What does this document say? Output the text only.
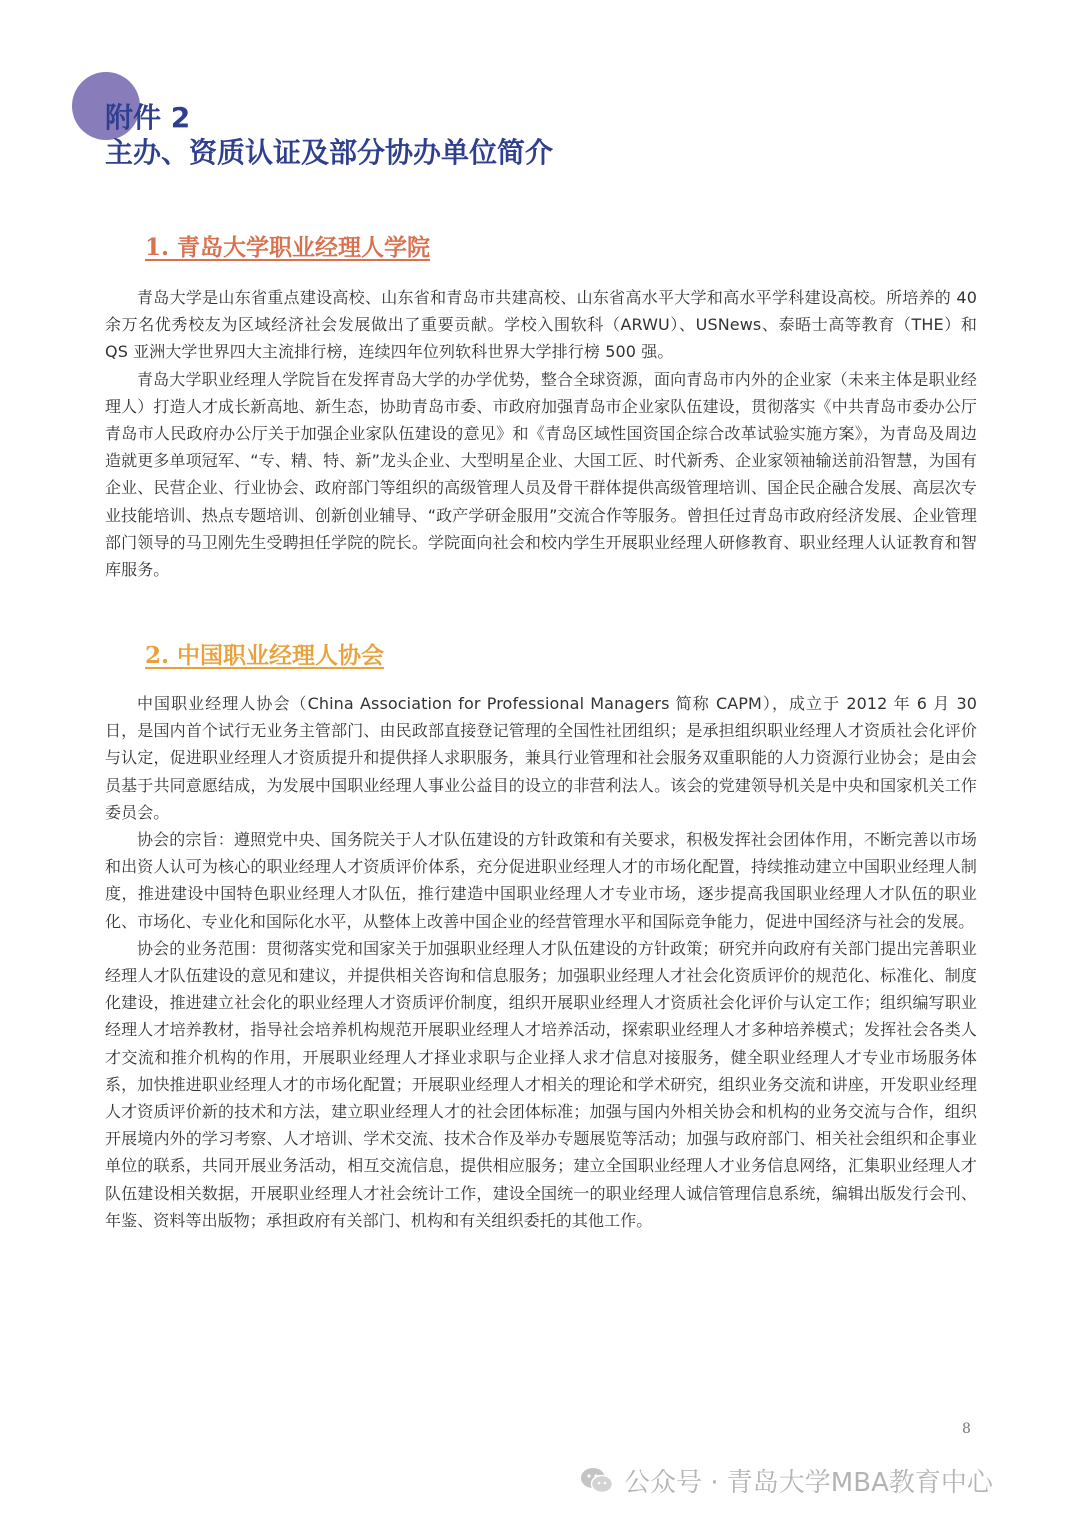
附件 2
主办、资质认证及部分协办单位简介
1. 青岛大学职业经理人学院

青岛大学是山东省重点建设高校、山东省和青岛市共建高校、山东省高水平大学和高水平学科建设高校。所培养的 40 余万名优秀校友为区域经济社会发展做出了重要贡献。学校入围软科（ARWU）、USNews、泰晤士高等教育（THE）和 QS 亚洲大学世界四大主流排行榜，连续四年位列软科世界大学排行榜 500 强。

青岛大学职业经理人学院旨在发挥青岛大学的办学优势，整合全球资源，面向青岛市内外的企业家（未来主体是职业经理人）打造人才成长新高地、新生态，协助青岛市委、市政府加强青岛市企业家队伍建设，贯彻落实《中共青岛市委办公厅青岛市人民政府办公厅关于加强企业家队伍建设的意见》和《青岛区域性国资国企综合改革试验实施方案》，为青岛及周边造就更多单项冠军、“专、精、特、新”龙头企业、大型明星企业、大国工匠、时代新秀、企业家领袖输送前沿智慧，为国有企业、民营企业、行业协会、政府部门等组织的高级管理人员及骨干群体提供高级管理培训、国企民企融合发展、高层次专业技能培训、热点专题培训、创新创业辅导、“政产学研金服用”交流合作等服务。曾担任过青岛市政府经济发展、企业管理部门领导的马卫刚先生受聘担任学院的院长。学院面向社会和校内学生开展职业经理人研修教育、职业经理人认证教育和智库服务。

2. 中国职业经理人协会

中国职业经理人协会（China Association for Professional Managers 简称 CAPM），成立于 2012 年 6 月 30 日，是国内首个试行无业务主管部门、由民政部直接登记管理的全国性社团组织；是承担组织职业经理人才资质社会化评价与认定，促进职业经理人才资质提升和提供择人求职服务，兼具行业管理和社会服务双重职能的人力资源行业协会；是由会员基于共同意愿结成，为发展中国职业经理人事业公益目的设立的非营利法人。该会的党建领导机关是中央和国家机关工作委员会。

协会的宗旨：遵照党中央、国务院关于人才队伍建设的方针政策和有关要求，积极发挥社会团体作用，不断完善以市场和出资人认可为核心的职业经理人才资质评价体系，充分促进职业经理人才的市场化配置，持续推动建立中国职业经理人制度，推进建设中国特色职业经理人才队伍，推行建造中国职业经理人才专业市场，逐步提高我国职业经理人才队伍的职业化、市场化、专业化和国际化水平，从整体上改善中国企业的经营管理水平和国际竞争能力，促进中国经济与社会的发展。

协会的业务范围：贯彻落实党和国家关于加强职业经理人才队伍建设的方针政策；研究并向政府有关部门提出完善职业经理人才队伍建设的意见和建议，并提供相关咨询和信息服务；加强职业经理人才社会化资质评价的规范化、标准化、制度化建设，推进建立社会化的职业经理人才资质评价制度，组织开展职业经理人才资质社会化评价与认定工作；组织编写职业经理人才培养教材，指导社会培养机构规范开展职业经理人才培养活动，探索职业经理人才多种培养模式；发挥社会各类人才交流和推介机构的作用，开展职业经理人才择业求职与企业择人求才信息对接服务，健全职业经理人才专业市场服务体系，加快推进职业经理人才的市场化配置；开展职业经理人才相关的理论和学术研究，组织业务交流和讲座，开发职业经理人才资质评价新的技术和方法，建立职业经理人才的社会团体标准；加强与国内外相关协会和机构的业务交流与合作，组织开展境内外的学习考察、人才培训、学术交流、技术合作及举办专题展览等活动；加强与政府部门、相关社会组织和企事业单位的联系，共同开展业务活动，相互交流信息，提供相应服务；建立全国职业经理人才业务信息网络，汇集职业经理人才队伍建设相关数据，开展职业经理人才社会统计工作，建设全国统一的职业经理人诚信管理信息系统，编辑出版发行会刊、年鉴、资料等出版物；承担政府有关部门、机构和有关组织委托的其他工作。

8
公众号 · 青岛大学MBA教育中心
